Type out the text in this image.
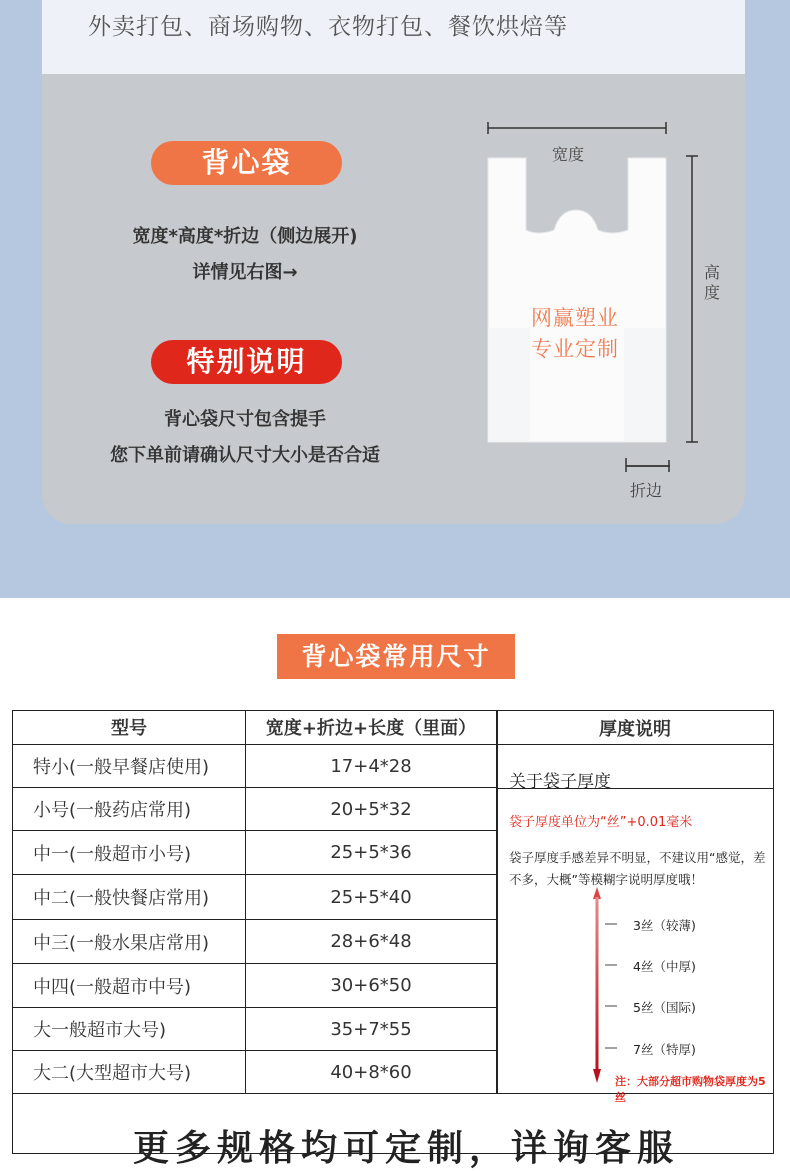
外卖打包、商场购物、衣物打包、餐饮烘焙等
背心袋
宽度*高度*折边（侧边展开)
详情见右图→
特别说明
背心袋尺寸包含提手
您下单前请确认尺寸大小是否合适
宽度
高
度
折边
网赢塑业
专业定制
背心袋常用尺寸
型号	宽度+折边+长度（里面）	厚度说明
特小(一般早餐店使用)	17+4*28
小号(一般药店常用)	20+5*32
中一(一般超市小号)	25+5*36
中二(一般快餐店常用)	25+5*40
中三(一般水果店常用)	28+6*48
中四(一般超市中号)	30+6*50
大一般超市大号)	35+7*55
大二(大型超市大号)	40+8*60
关于袋子厚度
袋子厚度单位为“丝”+0.01毫米
袋子厚度手感差异不明显，不建议用“感觉，差不多，大概”等模糊字说明厚度哦！
3丝（较薄)
4丝（中厚)
5丝（国际)
7丝（特厚)
注：大部分超市购物袋厚度为5丝
更多规格均可定制，详询客服
